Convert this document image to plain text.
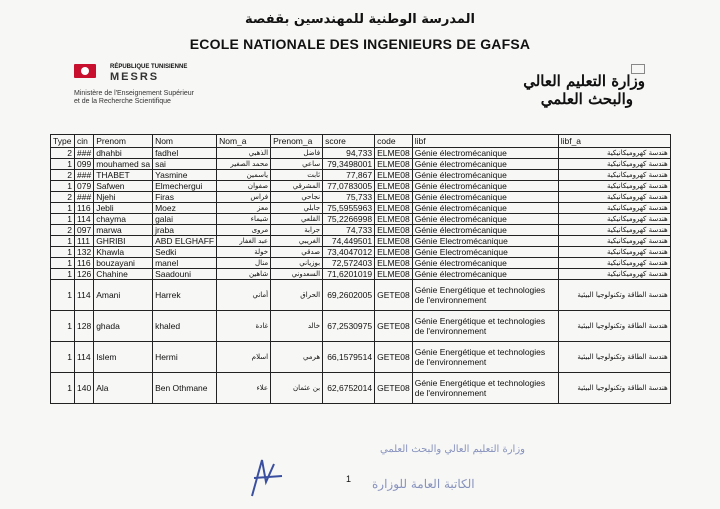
المدرسة الوطنية للمهندسين بقفصة
ECOLE NATIONALE DES INGENIEURS DE GAFSA
RÉPUBLIQUE TUNISIENNE
MESRS
Ministère de l'Enseignement Supérieur
et de la Recherche Scientifique
وزارة التعليم العالي
والبحث العلمي
Type	cin	Prenom	Nom	Nom_a	Prenom_a	score	code	libf	libf_a
2	###	dhahbi	fadhel	الذهبي	فاضل	94,733	ELME08	Génie électromécanique	هندسة كهروميكانيكية
1	099	mouhamed sa	sai	محمد الصغير	ساعي	79,3498001	ELME08	Génie électromécanique	هندسة كهروميكانيكية
2	###	THABET	Yasmine	ياسمين	ثابت	77,867	ELME08	Génie électromécanique	هندسة كهروميكانيكية
1	079	Safwen	Elmechergui	صفوان	المشرقي	77,0783005	ELME08	Génie électromécanique	هندسة كهروميكانيكية
2	###	Njehi	Firas	فراس	نجاحي	75,733	ELME08	Génie électromécanique	هندسة كهروميكانيكية
1	116	Jebli	Moez	معز	جابلي	75,5955963	ELME08	Génie électromécanique	هندسة كهروميكانيكية
1	114	chayma	galai	شيماء	القلعي	75,2266998	ELME08	Génie électromécanique	هندسة كهروميكانيكية
2	097	marwa	jraba	مروى	جرابة	74,733	ELME08	Génie électromécanique	هندسة كهروميكانيكية
1	111	GHRIBI	ABD ELGHAFF	عبد الغفار	الغريبي	74,449501	ELME08	Génie Electromécanique	هندسة كهروميكانيكية
1	132	Khawla	Sedki	خولة	صدقي	73,4047012	ELME08	Génie Electromécanique	هندسة كهروميكانيكية
1	116	bouzayani	manel	منال	بوزياني	72,572403	ELME08	Génie électromécanique	هندسة كهروميكانيكية
1	126	Chahine	Saadouni	شاهين	السعدوني	71,6201019	ELME08	Génie électromécanique	هندسة كهروميكانيكية
1	114	Amani	Harrek	أماني	الحراق	69,2602005	GETE08	Génie Energétique et technologies de l'environnement	هندسة الطاقة وتكنولوجيا البيئية
1	128	ghada	khaled	غادة	خالد	67,2530975	GETE08	Génie Energétique et technologies de l'environnement	هندسة الطاقة وتكنولوجيا البيئية
1	114	Islem	Hermi	اسلام	هرمي	66,1579514	GETE08	Génie Energétique et technologies de l'environnement	هندسة الطاقة وتكنولوجيا البيئية
1	140	Ala	Ben Othmane	علاء	بن عثمان	62,6752014	GETE08	Génie Energétique et technologies de l'environnement	هندسة الطاقة وتكنولوجيا البيئية
وزارة التعليم العالي والبحث العلمي
الكاتبة العامة للوزارة
1
